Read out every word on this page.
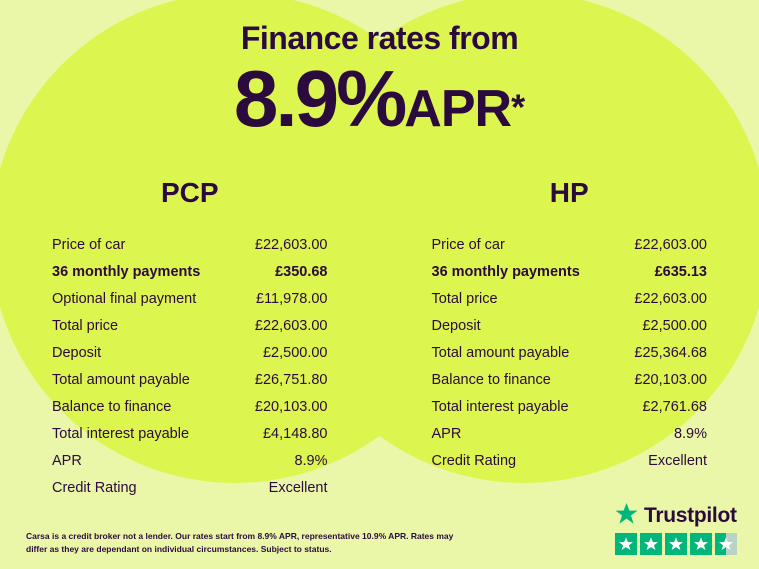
Finance rates from
8.9%APR*
PCP
Price of car	£22,603.00
36 monthly payments	£350.68
Optional final payment	£11,978.00
Total price	£22,603.00
Deposit	£2,500.00
Total amount payable	£26,751.80
Balance to finance	£20,103.00
Total interest payable	£4,148.80
APR	8.9%
Credit Rating	Excellent
HP
Price of car	£22,603.00
36 monthly payments	£635.13
Total price	£22,603.00
Deposit	£2,500.00
Total amount payable	£25,364.68
Balance to finance	£20,103.00
Total interest payable	£2,761.68
APR	8.9%
Credit Rating	Excellent
Carsa is a credit broker not a lender. Our rates start from 8.9% APR, representative 10.9% APR. Rates may differ as they are dependant on individual circumstances. Subject to status.
Trustpilot
